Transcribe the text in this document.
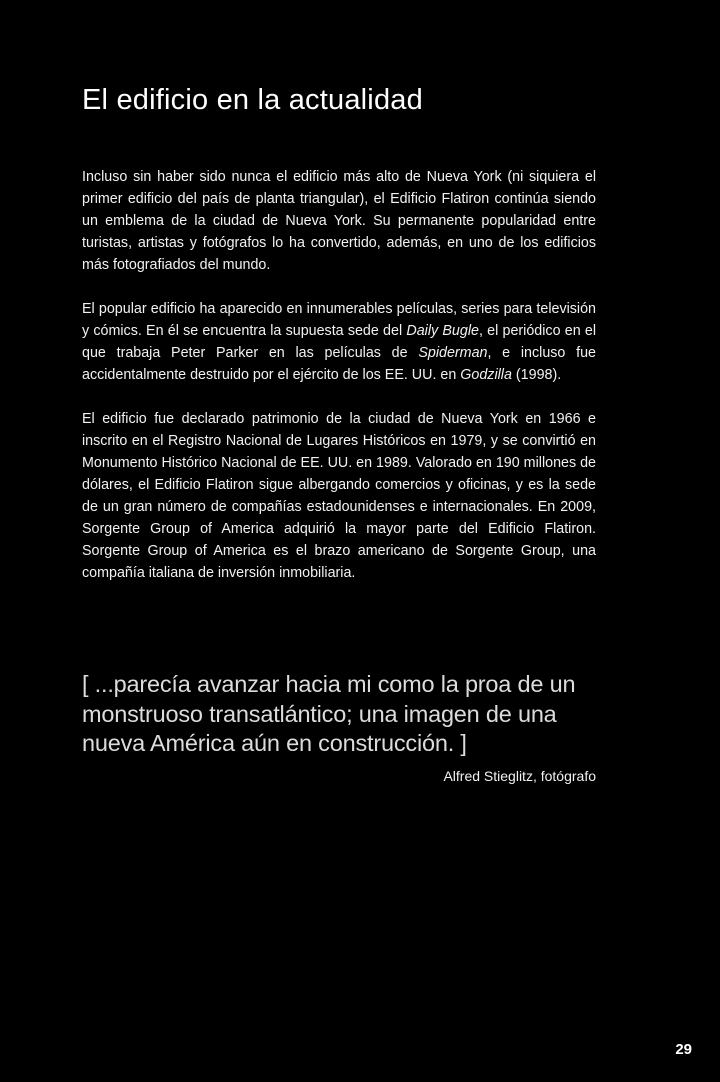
El edificio en la actualidad

Incluso sin haber sido nunca el edificio más alto de Nueva York (ni siquiera el primer edificio del país de planta triangular), el Edificio Flatiron continúa siendo un emblema de la ciudad de Nueva York. Su permanente popularidad entre turistas, artistas y fotógrafos lo ha convertido, además, en uno de los edificios más fotografiados del mundo.

El popular edificio ha aparecido en innumerables películas, series para televisión y cómics. En él se encuentra la supuesta sede del Daily Bugle, el periódico en el que trabaja Peter Parker en las películas de Spiderman, e incluso fue accidentalmente destruido por el ejército de los EE. UU. en Godzilla (1998).

El edificio fue declarado patrimonio de la ciudad de Nueva York en 1966 e inscrito en el Registro Nacional de Lugares Históricos en 1979, y se convirtió en Monumento Histórico Nacional de EE. UU. en 1989. Valorado en 190 millones de dólares, el Edificio Flatiron sigue albergando comercios y oficinas, y es la sede de un gran número de compañías estadounidenses e internacionales. En 2009, Sorgente Group of America adquirió la mayor parte del Edificio Flatiron. Sorgente Group of America es el brazo americano de Sorgente Group, una compañía italiana de inversión inmobiliaria.

[ ...parecía avanzar hacia mi como la proa de un monstruoso transatlántico; una imagen de una nueva América aún en construcción. ]

Alfred Stieglitz, fotógrafo

29
